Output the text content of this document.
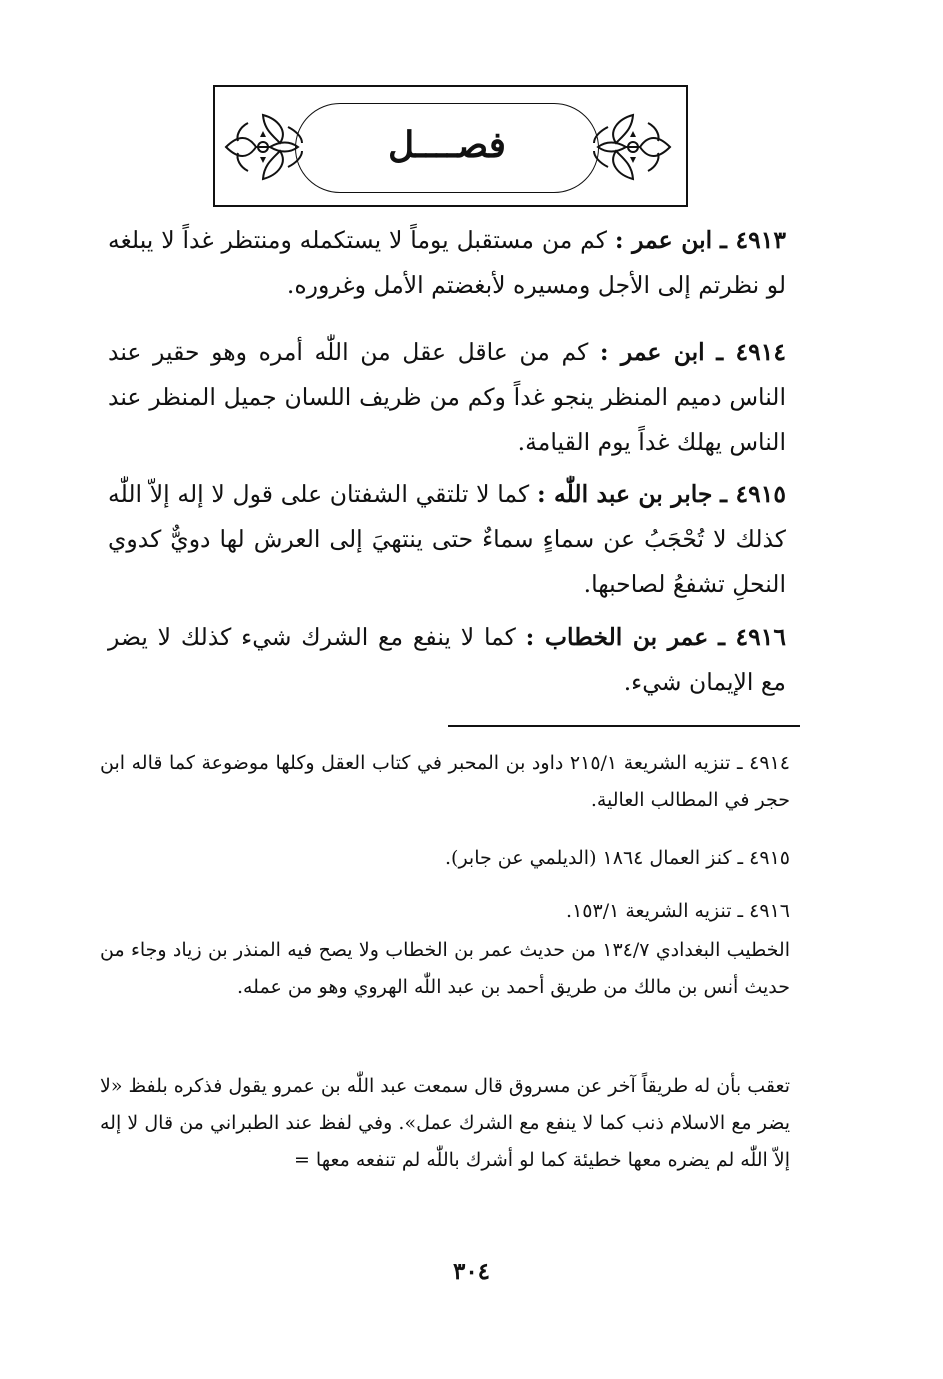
فصــــل

٤٩١٣ ـ ابن عمر : كم من مستقبل يوماً لا يستكمله ومنتظر غداً لا يبلغه لو نظرتم إلى الأجل ومسيره لأبغضتم الأمل وغروره.

٤٩١٤ ـ ابن عمر : كم من عاقل عقل من اللّٰه أمره وهو حقير عند الناس دميم المنظر ينجو غداً وكم من ظريف اللسان جميل المنظر عند الناس يهلك غداً يوم القيامة.

٤٩١٥ ـ جابر بن عبد اللّٰه : كما لا تلتقي الشفتان على قول لا إله إلاّ اللّٰه كذلك لا تُحْجَبُ عن سماءٍ سماءٌ حتى ينتهيَ إلى العرش لها دويٌّ كدوي النحلِ تشفعُ لصاحبها.

٤٩١٦ ـ عمر بن الخطاب : كما لا ينفع مع الشرك شيء كذلك لا يضر مع الإيمان شيء.

٤٩١٤ ـ تنزيه الشريعة ٢١٥/١ داود بن المحبر في كتاب العقل وكلها موضوعة كما قاله ابن حجر في المطالب العالية.

٤٩١٥ ـ كنز العمال ١٨٦٤ (الديلمي عن جابر).

٤٩١٦ ـ تنزيه الشريعة ١٥٣/١.

الخطيب البغدادي ١٣٤/٧ من حديث عمر بن الخطاب ولا يصح فيه المنذر بن زياد وجاء من حديث أنس بن مالك من طريق أحمد بن عبد اللّٰه الهروي وهو من عمله.

تعقب بأن له طريقاً آخر عن مسروق قال سمعت عبد اللّٰه بن عمرو يقول فذكره بلفظ «لا يضر مع الاسلام ذنب كما لا ينفع مع الشرك عمل». وفي لفظ عند الطبراني من قال لا إله إلاّ اللّٰه لم يضره معها خطيئة كما لو أشرك باللّٰه لم تنفعه معها =

٣٠٤
